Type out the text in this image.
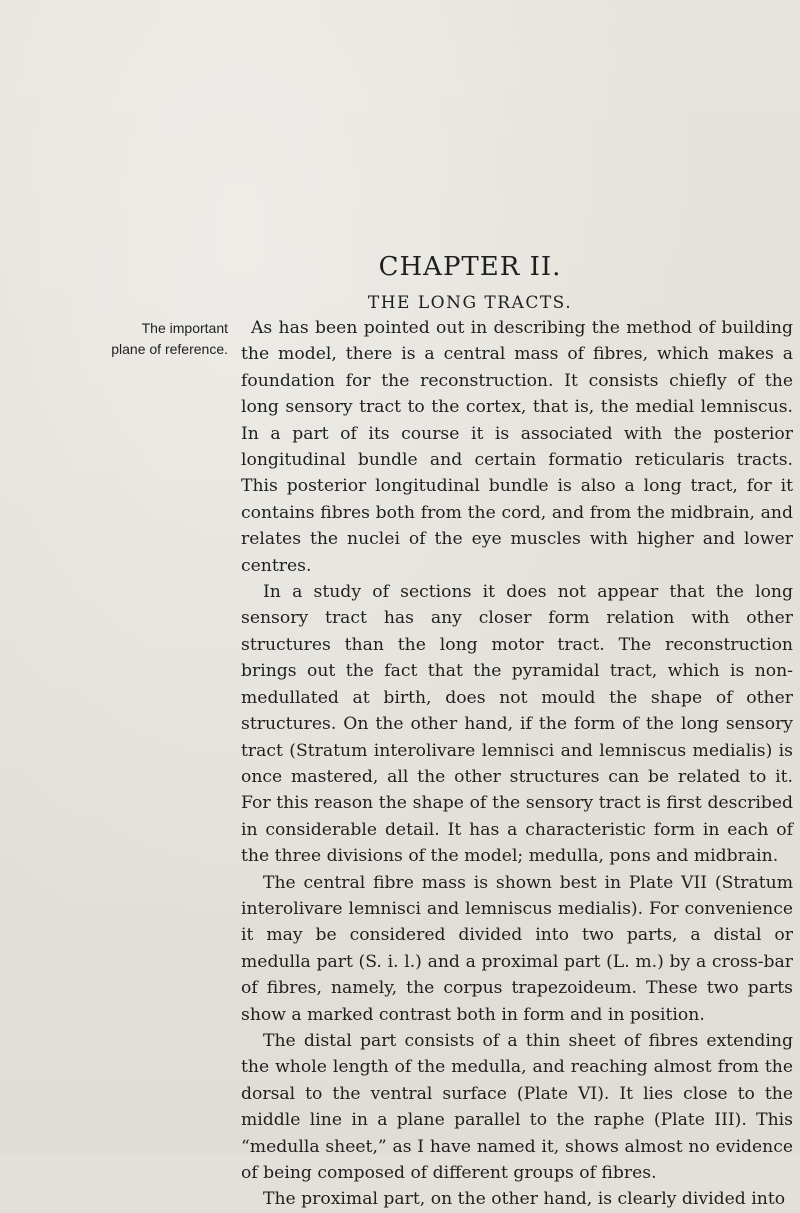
CHAPTER II.
THE LONG TRACTS.
The important
plane of reference.

As has been pointed out in describing the method of building the model, there is a central mass of fibres, which makes a foundation for the reconstruction. It consists chiefly of the long sensory tract to the cortex, that is, the medial lemniscus. In a part of its course it is associated with the posterior longitudinal bundle and certain formatio reticularis tracts. This posterior longitudinal bundle is also a long tract, for it contains fibres both from the cord, and from the midbrain, and relates the nuclei of the eye muscles with higher and lower centres.

In a study of sections it does not appear that the long sensory tract has any closer form relation with other structures than the long motor tract. The reconstruction brings out the fact that the pyramidal tract, which is non-medullated at birth, does not mould the shape of other structures. On the other hand, if the form of the long sensory tract (Stratum interolivare lemnisci and lemniscus medialis) is once mastered, all the other structures can be related to it. For this reason the shape of the sensory tract is first described in considerable detail. It has a characteristic form in each of the three divisions of the model; medulla, pons and midbrain.

The central fibre mass is shown best in Plate VII (Stratum interolivare lemnisci and lemniscus medialis). For convenience it may be considered divided into two parts, a distal or medulla part (S. i. l.) and a proximal part (L. m.) by a cross-bar of fibres, namely, the corpus trapezoideum. These two parts show a marked contrast both in form and in position.

The distal part consists of a thin sheet of fibres extending the whole length of the medulla, and reaching almost from the dorsal to the ventral surface (Plate VI). It lies close to the middle line in a plane parallel to the raphe (Plate III). This “medulla sheet,” as I have named it, shows almost no evidence of being composed of different groups of fibres.

The proximal part, on the other hand, is clearly divided into
